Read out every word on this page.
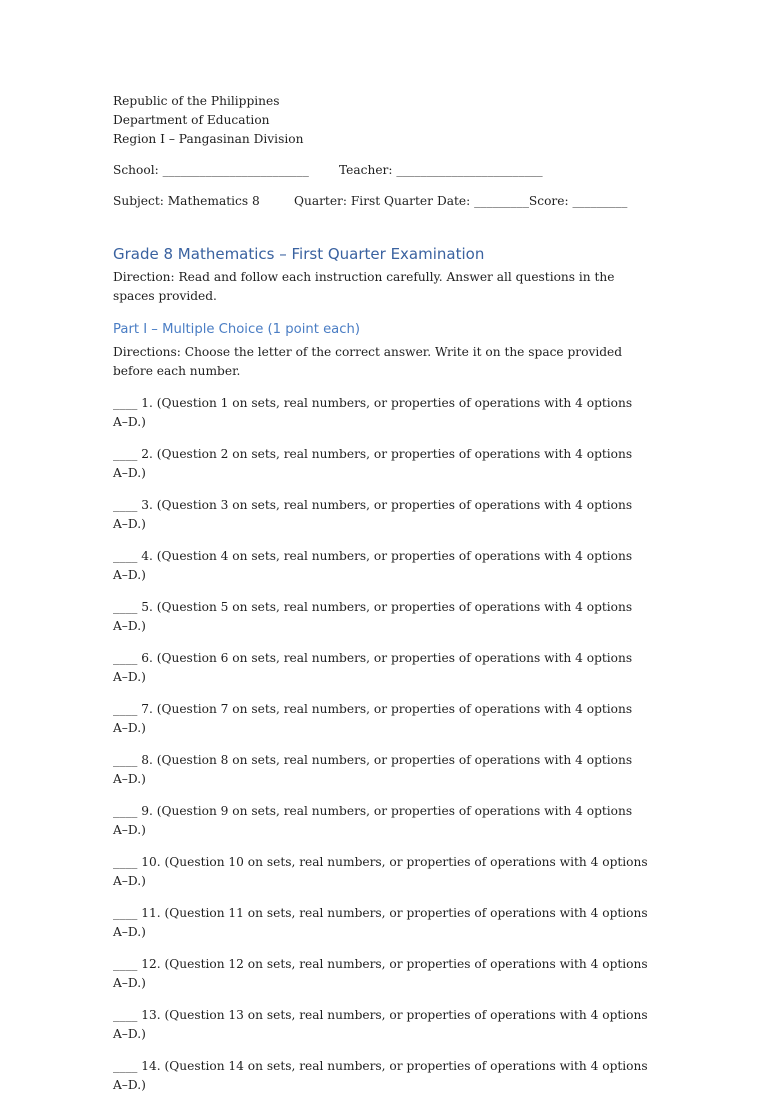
Republic of the Philippines
Department of Education
Region I – Pangasinan Division
School: ________________________	Teacher: ________________________
Subject: Mathematics 8	Quarter: First Quarter Date: _________ Score: _________
Grade 8 Mathematics – First Quarter Examination

Direction: Read and follow each instruction carefully. Answer all questions in the spaces provided.

Part I – Multiple Choice (1 point each)

Directions: Choose the letter of the correct answer. Write it on the space provided before each number.

____ 1. (Question 1 on sets, real numbers, or properties of operations with 4 options A–D.)

____ 2. (Question 2 on sets, real numbers, or properties of operations with 4 options A–D.)

____ 3. (Question 3 on sets, real numbers, or properties of operations with 4 options A–D.)

____ 4. (Question 4 on sets, real numbers, or properties of operations with 4 options A–D.)

____ 5. (Question 5 on sets, real numbers, or properties of operations with 4 options A–D.)

____ 6. (Question 6 on sets, real numbers, or properties of operations with 4 options A–D.)

____ 7. (Question 7 on sets, real numbers, or properties of operations with 4 options A–D.)

____ 8. (Question 8 on sets, real numbers, or properties of operations with 4 options A–D.)

____ 9. (Question 9 on sets, real numbers, or properties of operations with 4 options A–D.)

____ 10. (Question 10 on sets, real numbers, or properties of operations with 4 options A–D.)

____ 11. (Question 11 on sets, real numbers, or properties of operations with 4 options A–D.)

____ 12. (Question 12 on sets, real numbers, or properties of operations with 4 options A–D.)

____ 13. (Question 13 on sets, real numbers, or properties of operations with 4 options A–D.)

____ 14. (Question 14 on sets, real numbers, or properties of operations with 4 options A–D.)
